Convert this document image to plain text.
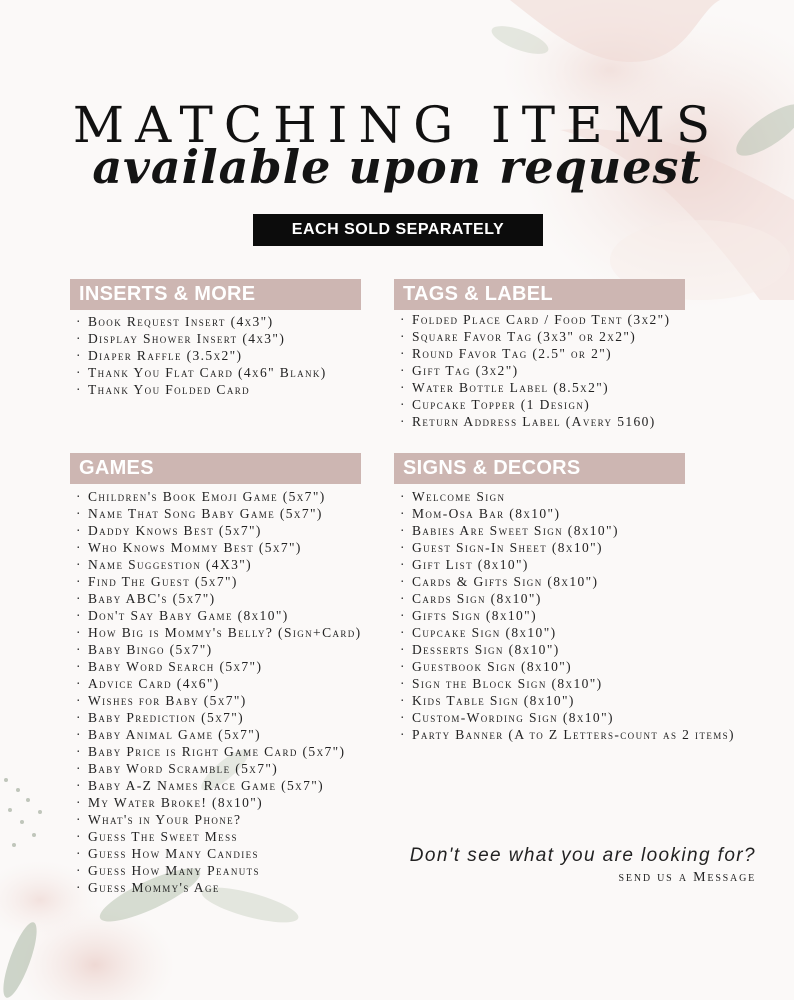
MATCHING ITEMS
available upon request
EACH SOLD SEPARATELY
INSERTS & MORE
· Book Request Insert (4x3")
· Display Shower Insert (4x3")
· Diaper Raffle (3.5x2")
· Thank You Flat Card (4x6" Blank)
· Thank You Folded Card
TAGS & LABEL
· Folded Place Card / Food Tent (3x2")
· Square Favor Tag (3x3" or 2x2")
· Round Favor Tag (2.5" or 2")
· Gift Tag (3x2")
· Water Bottle Label (8.5x2")
· Cupcake Topper (1 Design)
· Return Address Label (Avery 5160)
GAMES
· Children's Book Emoji Game (5x7")
· Name That Song Baby Game (5x7")
· Daddy Knows Best (5x7")
· Who Knows Mommy Best (5x7")
· Name Suggestion (4X3")
· Find The Guest (5x7")
· Baby ABC's (5x7")
· Don't Say Baby Game (8x10")
· How Big is Mommy's Belly? (Sign+Card)
· Baby Bingo (5x7")
· Baby Word Search (5x7")
· Advice Card (4x6")
· Wishes for Baby (5x7")
· Baby Prediction (5x7")
· Baby Animal Game (5x7")
· Baby Price is Right Game Card (5x7")
· Baby Word Scramble (5x7")
· Baby A-Z Names Race Game (5x7")
· My Water Broke! (8x10")
· What's in Your Phone?
· Guess The Sweet Mess
· Guess How Many Candies
· Guess How Many Peanuts
· Guess Mommy's Age
SIGNS & DECORS
· Welcome Sign
· Mom-Osa Bar (8x10")
· Babies Are Sweet Sign (8x10")
· Guest Sign-In Sheet (8x10")
· Gift List (8x10")
· Cards & Gifts Sign (8x10")
· Cards Sign (8x10")
· Gifts Sign (8x10")
· Cupcake Sign (8x10")
· Desserts Sign (8x10")
· Guestbook Sign (8x10")
· Sign the Block Sign (8x10")
· Kids Table Sign (8x10")
· Custom-Wording Sign (8x10")
· Party Banner (A to Z Letters-count as 2 items)
Don't see what you are looking for?
send us a Message
